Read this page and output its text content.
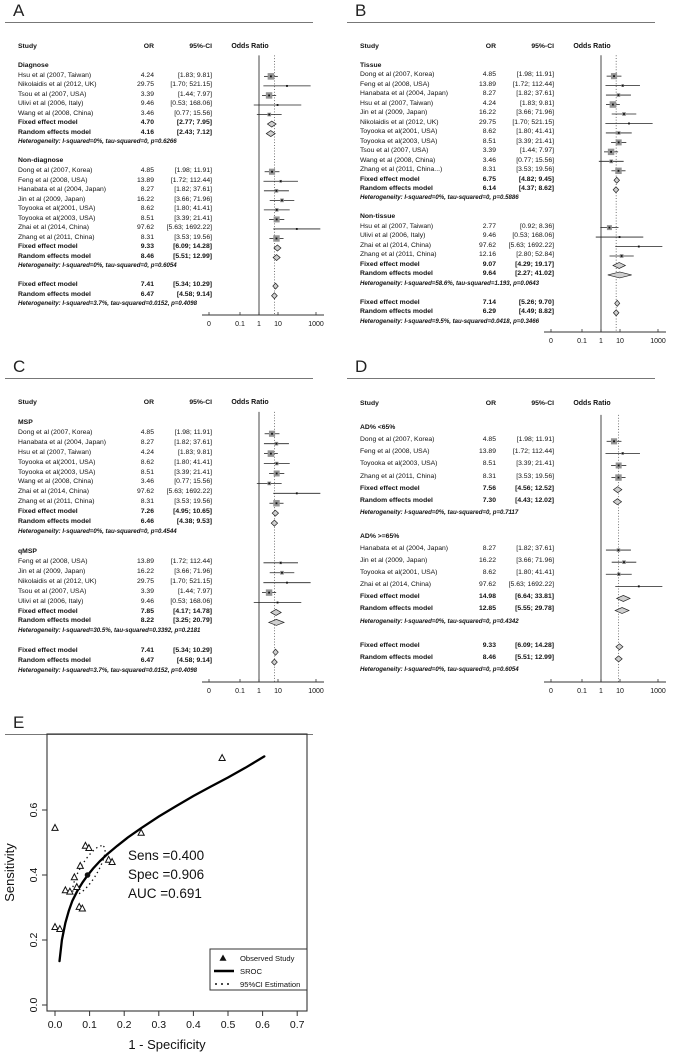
A
Study	OR	95%-CI
Diagnose
Hsu et al (2007, Taiwan)	4.24	[1.83; 9.81]
Nikolaidis et al (2012, UK)	29.75	[1.70; 521.15]
Tsou et al (2007, USA)	3.39	[1.44; 7.97]
Ulivi et al (2006, Italy)	9.46	[0.53; 168.06]
Wang et al (2008, China)	3.46	[0.77; 15.56]
Fixed effect model	4.70	[2.77; 7.95]
Random effects model	4.16	[2.43; 7.12]
Heterogeneity: I-squared=0%, tau-squared=0, p=0.6266
Non-diagnose
Dong et al (2007, Korea)	4.85	[1.98; 11.91]
Feng et al (2008, USA)	13.89	[1.72; 112.44]
Hanabata et al (2004, Japan)	8.27	[1.82; 37.61]
Jin et al (2009, Japan)	16.22	[3.66; 71.96]
Toyooka et al(2001, USA)	8.62	[1.80; 41.41]
Toyooka et al(2003, USA)	8.51	[3.39; 21.41]
Zhai et al (2014, China)	97.62	[5.63; 1692.22]
Zhang et al (2011, China)	8.31	[3.53; 19.56]
Fixed effect model	9.33	[6.09; 14.28]
Random effects model	8.46	[5.51; 12.99]
Heterogeneity: I-squared=0%, tau-squared=0, p=0.6054
Fixed effect model	7.41	[5.34; 10.29]
Random effects model	6.47	[4.58; 9.14]
Heterogeneity: I-squared=3.7%, tau-squared=0.0152, p=0.4098
Odds Ratio
0	0.1 1 10	1000
B
Study	OR	95%-CI
Tissue
Dong et al (2007, Korea)	4.85	[1.98; 11.91]
Feng et al (2008, USA)	13.89	[1.72; 112.44]
Hanabata et al (2004, Japan)	8.27	[1.82; 37.61]
Hsu et al (2007, Taiwan)	4.24	[1.83; 9.81]
Jin et al (2009, Japan)	16.22	[3.66; 71.96]
Nikolaidis et al (2012, UK)	29.75	[1.70; 521.15]
Toyooka et al(2001, USA)	8.62	[1.80; 41.41]
Toyooka et al(2003, USA)	8.51	[3.39; 21.41]
Tsou et al (2007, USA)	3.39	[1.44; 7.97]
Wang et al (2008, China)	3.46	[0.77; 15.56]
Zhang et al (2011, China...)	8.31	[3.53; 19.56]
Fixed effect model	6.75	[4.82; 9.45]
Random effects model	6.14	[4.37; 8.62]
Heterogeneity: I-squared=0%, tau-squared=0, p=0.5886
Non-tissue
Hsu et al (2007, Taiwan)	2.77	[0.92; 8.36]
Ulivi et al (2006, Italy)	9.46	[0.53; 168.06]
Zhai et al (2014, China)	97.62	[5.63; 1692.22]
Zhang et al (2011, China)	12.16	[2.80; 52.84]
Fixed effect model	9.07	[4.29; 19.17]
Random effects model	9.64	[2.27; 41.02]
Heterogeneity: I-squared=58.6%, tau-squared=1.193, p=0.0643
Fixed effect model	7.14	[5.26; 9.70]
Random effects model	6.29	[4.49; 8.82]
Heterogeneity: I-squared=9.5%, tau-squared=0.0418, p=0.3466
Odds Ratio
0	0.1 1 10	1000
C
Study	OR	95%-CI
MSP
Dong et al (2007, Korea)	4.85	[1.98; 11.91]
Hanabata et al (2004, Japan)	8.27	[1.82; 37.61]
Hsu et al (2007, Taiwan)	4.24	[1.83; 9.81]
Toyooka et al(2001, USA)	8.62	[1.80; 41.41]
Toyooka et al(2003, USA)	8.51	[3.39; 21.41]
Wang et al (2008, China)	3.46	[0.77; 15.56]
Zhai et al (2014, China)	97.62	[5.63; 1692.22]
Zhang et al (2011, China)	8.31	[3.53; 19.56]
Fixed effect model	7.26	[4.95; 10.65]
Random effects model	6.46	[4.38; 9.53]
Heterogeneity: I-squared=0%, tau-squared=0, p=0.4544
qMSP
Feng et al (2008, USA)	13.89	[1.72; 112.44]
Jin et al (2009, Japan)	16.22	[3.66; 71.96]
Nikolaidis et al (2012, UK)	29.75	[1.70; 521.15]
Tsou et al (2007, USA)	3.39	[1.44; 7.97]
Ulivi et al (2006, Italy)	9.46	[0.53; 168.06]
Fixed effect model	7.85	[4.17; 14.78]
Random effects model	8.22	[3.25; 20.79]
Heterogeneity: I-squared=30.5%, tau-squared=0.3392, p=0.2181
Fixed effect model	7.41	[5.34; 10.29]
Random effects model	6.47	[4.58; 9.14]
Heterogeneity: I-squared=3.7%, tau-squared=0.0152, p=0.4098
Odds Ratio
0	0.1 1 10	1000
D
Study	OR	95%-CI
AD% <65%
Dong et al (2007, Korea)	4.85	[1.98; 11.91]
Feng et al (2008, USA)	13.89	[1.72; 112.44]
Toyooka et al(2003, USA)	8.51	[3.39; 21.41]
Zhang et al (2011, China)	8.31	[3.53; 19.56]
Fixed effect model	7.56	[4.56; 12.52]
Random effects model	7.30	[4.43; 12.02]
Heterogeneity: I-squared=0%, tau-squared=0, p=0.7117
AD% >=65%
Hanabata et al (2004, Japan)	8.27	[1.82; 37.61]
Jin et al (2009, Japan)	16.22	[3.66; 71.96]
Toyooka et al(2001, USA)	8.62	[1.80; 41.41]
Zhai et al (2014, China)	97.62	[5.63; 1692.22]
Fixed effect model	14.98	[6.64; 33.81]
Random effects model	12.85	[5.55; 29.78]
Heterogeneity: I-squared=0%, tau-squared=0, p=0.4342
Fixed effect model	9.33	[6.09; 14.28]
Random effects model	8.46	[5.51; 12.99]
Heterogeneity: I-squared=0%, tau-squared=0, p=0.6054
Odds Ratio
0	0.1 1 10	1000
E
0.0 0.1 0.2 0.3 0.4 0.5 0.6 0.7
0.0
0.2
0.4
0.6
1 - Specificity
Sensitivity	Sens =0.400
Spec =0.906
AUC =0.691
Observed Study
SROC
95%CI Estimation
